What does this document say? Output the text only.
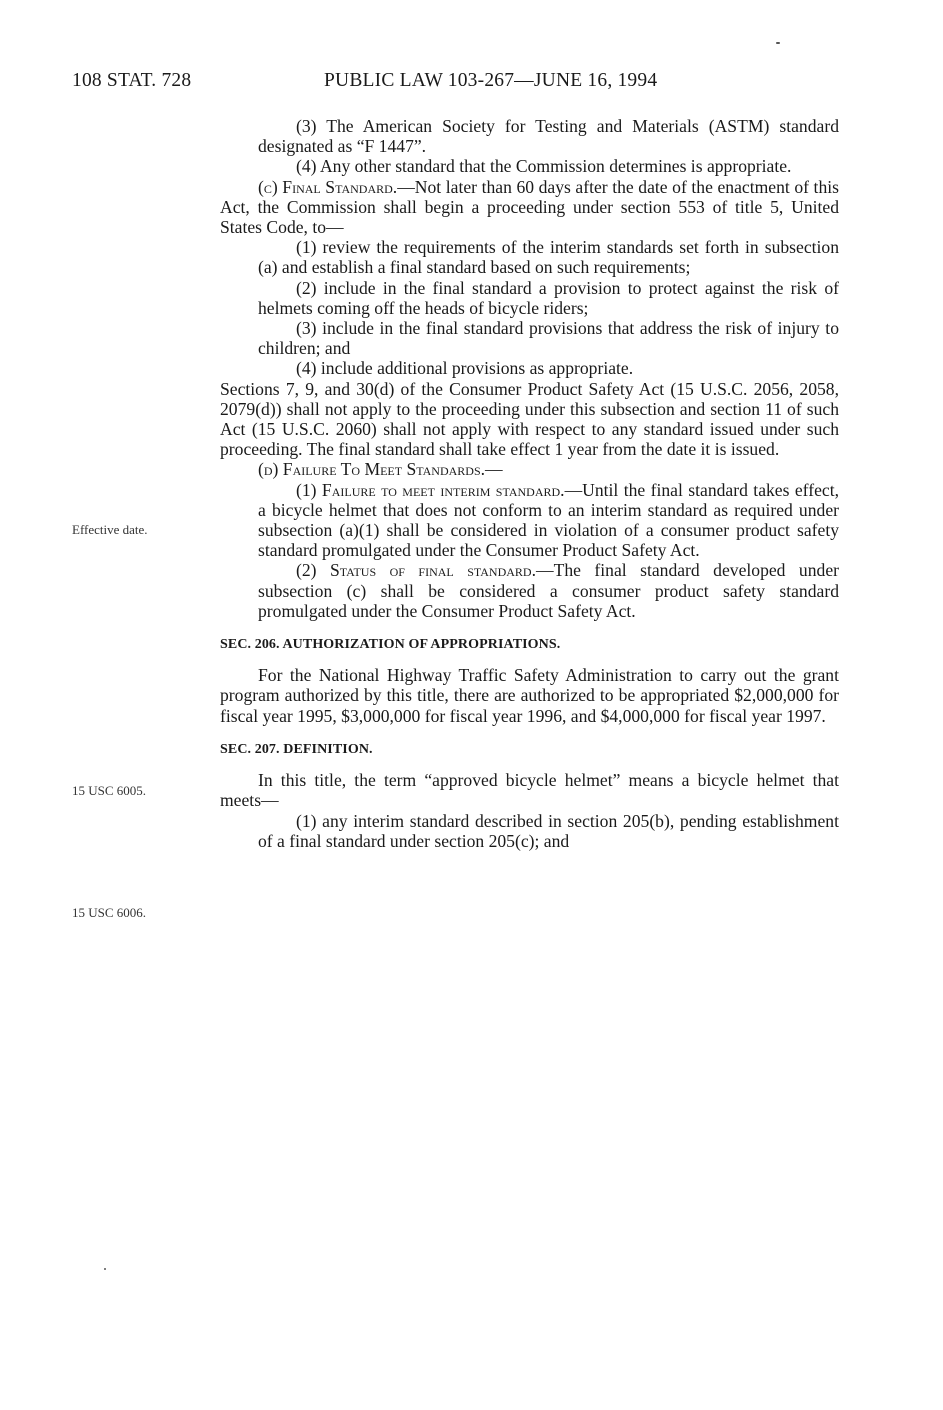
108 STAT. 728	PUBLIC LAW 103-267—JUNE 16, 1994
Effective date.
15 USC 6005.
15 USC 6006.

(3) The American Society for Testing and Materials (ASTM) standard designated as “F 1447”.

(4) Any other standard that the Commission determines is appropriate.

(c) Final Standard.—Not later than 60 days after the date of the enactment of this Act, the Commission shall begin a proceeding under section 553 of title 5, United States Code, to—

(1) review the requirements of the interim standards set forth in subsection (a) and establish a final standard based on such requirements;

(2) include in the final standard a provision to protect against the risk of helmets coming off the heads of bicycle riders;

(3) include in the final standard provisions that address the risk of injury to children; and

(4) include additional provisions as appropriate.

Sections 7, 9, and 30(d) of the Consumer Product Safety Act (15 U.S.C. 2056, 2058, 2079(d)) shall not apply to the proceeding under this subsection and section 11 of such Act (15 U.S.C. 2060) shall not apply with respect to any standard issued under such proceeding. The final standard shall take effect 1 year from the date it is issued.

(d) Failure To Meet Standards.—

(1) Failure to meet interim standard.—Until the final standard takes effect, a bicycle helmet that does not conform to an interim standard as required under subsection (a)(1) shall be considered in violation of a consumer product safety standard promulgated under the Consumer Product Safety Act.

(2) Status of final standard.—The final standard developed under subsection (c) shall be considered a consumer product safety standard promulgated under the Consumer Product Safety Act.

SEC. 206. AUTHORIZATION OF APPROPRIATIONS.

For the National Highway Traffic Safety Administration to carry out the grant program authorized by this title, there are authorized to be appropriated $2,000,000 for fiscal year 1995, $3,000,000 for fiscal year 1996, and $4,000,000 for fiscal year 1997.

SEC. 207. DEFINITION.

In this title, the term “approved bicycle helmet” means a bicycle helmet that meets—

(1) any interim standard described in section 205(b), pending establishment of a final standard under section 205(c); and
